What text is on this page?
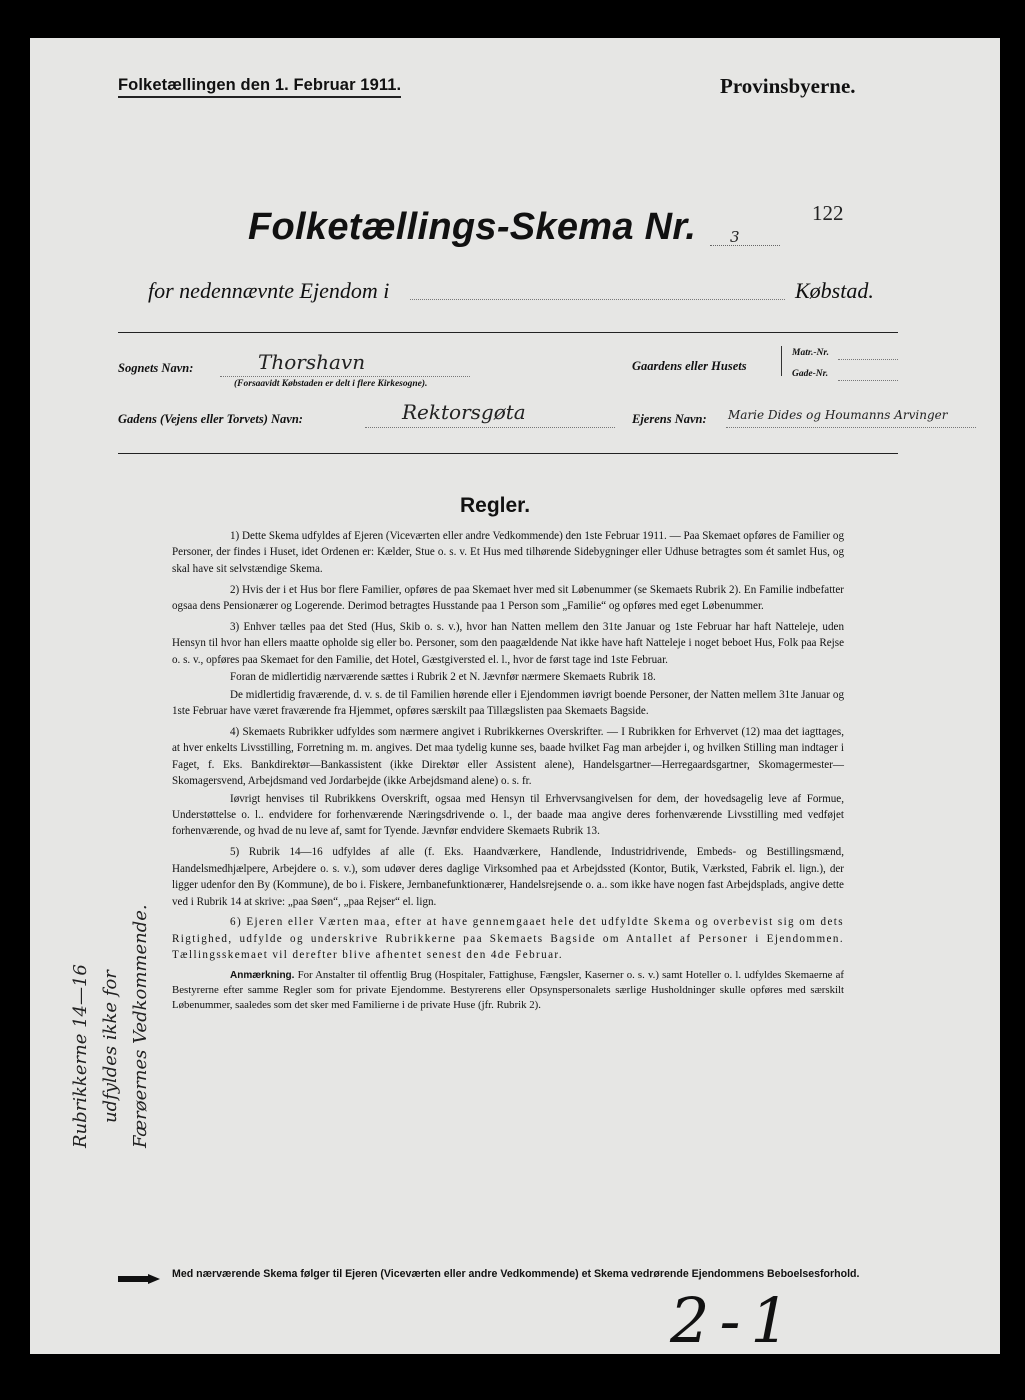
Folketællingen den 1. Februar 1911.	Provinsbyerne.
Folketællings-Skema Nr. 3
122
for nedennævnte Ejendom i	Købstad.
Sognets Navn:	Thorshavn
(Forsaavidt Købstaden er delt i flere Kirkesogne).
Gaardens eller Husets
Matr.-Nr.
Gade-Nr.
Gadens (Vejens eller Torvets) Navn:	Rektorsgøta	Ejerens Navn: Marie Dides og Houmanns Arvinger
Regler.

1) Dette Skema udfyldes af Ejeren (Viceværten eller andre Vedkommende) den 1ste Februar 1911. — Paa Skemaet opføres de Familier og Personer, der findes i Huset, idet Ordenen er: Kælder, Stue o. s. v. Et Hus med tilhørende Sidebygninger eller Udhuse betragtes som ét samlet Hus, og skal have sit selvstændige Skema.

2) Hvis der i et Hus bor flere Familier, opføres de paa Skemaet hver med sit Løbenummer (se Skemaets Rubrik 2). En Familie indbefatter ogsaa dens Pensionærer og Logerende. Derimod betragtes Husstande paa 1 Person som „Familie“ og opføres med eget Løbenummer.

3) Enhver tælles paa det Sted (Hus, Skib o. s. v.), hvor han Natten mellem den 31te Januar og 1ste Februar har haft Natteleje, uden Hensyn til hvor han ellers maatte opholde sig eller bo. Personer, som den paagældende Nat ikke have haft Natteleje i noget beboet Hus, Folk paa Rejse o. s. v., opføres paa Skemaet for den Familie, det Hotel, Gæstgiversted el. l., hvor de først tage ind 1ste Februar.

Foran de midlertidig nærværende sættes i Rubrik 2 et N. Jævnfør nærmere Skemaets Rubrik 18.

De midlertidig fraværende, d. v. s. de til Familien hørende eller i Ejendommen iøvrigt boende Personer, der Natten mellem 31te Januar og 1ste Februar have været fraværende fra Hjemmet, opføres særskilt paa Tillægslisten paa Skemaets Bagside.

4) Skemaets Rubrikker udfyldes som nærmere angivet i Rubrikkernes Overskrifter. — I Rubrikken for Erhvervet (12) maa det iagttages, at hver enkelts Livsstilling, Forretning m. m. angives. Det maa tydelig kunne ses, baade hvilket Fag man arbejder i, og hvilken Stilling man indtager i Faget, f. Eks. Bankdirektør—Bankassistent (ikke Direktør eller Assistent alene), Handelsgartner—Herregaardsgartner, Skomagermester—Skomagersvend, Arbejdsmand ved Jordarbejde (ikke Arbejdsmand alene) o. s. fr.

Iøvrigt henvises til Rubrikkens Overskrift, ogsaa med Hensyn til Erhvervsangivelsen for dem, der hovedsagelig leve af Formue, Understøttelse o. l.. endvidere for forhenværende Næringsdrivende o. l., der baade maa angive deres forhenværende Livsstilling med vedføjet forhenværende, og hvad de nu leve af, samt for Tyende. Jævnfør endvidere Skemaets Rubrik 13.

5) Rubrik 14—16 udfyldes af alle (f. Eks. Haandværkere, Handlende, Industridrivende, Embeds- og Bestillingsmænd, Handelsmedhjælpere, Arbejdere o. s. v.), som udøver deres daglige Virksomhed paa et Arbejdssted (Kontor, Butik, Værksted, Fabrik el. lign.), der ligger udenfor den By (Kommune), de bo i. Fiskere, Jernbanefunktionærer, Handelsrejsende o. a.. som ikke have nogen fast Arbejdsplads, angive dette ved i Rubrik 14 at skrive: „paa Søen“, „paa Rejser“ el. lign.

6) Ejeren eller Værten maa, efter at have gennemgaaet hele det udfyldte Skema og overbevist sig om dets Rigtighed, udfylde og underskrive Rubrikkerne paa Skemaets Bagside om Antallet af Personer i Ejendommen. Tællingsskemaet vil derefter blive afhentet senest den 4de Februar.

Anmærkning. For Anstalter til offentlig Brug (Hospitaler, Fattighuse, Fængsler, Kaserner o. s. v.) samt Hoteller o. l. udfyldes Skemaerne af Bestyrerne efter samme Regler som for private Ejendomme. Bestyrerens eller Opsynspersonalets særlige Husholdninger skulle opføres med særskilt Løbenummer, saaledes som det sker med Familierne i de private Huse (jfr. Rubrik 2).

Rubrikkerne 14—16 udfyldes ikke for Færøernes Vedkommende.
Med nærværende Skema følger til Ejeren (Viceværten eller andre Vedkommende) et Skema vedrørende Ejendommens Beboelsesforhold.
2-1
